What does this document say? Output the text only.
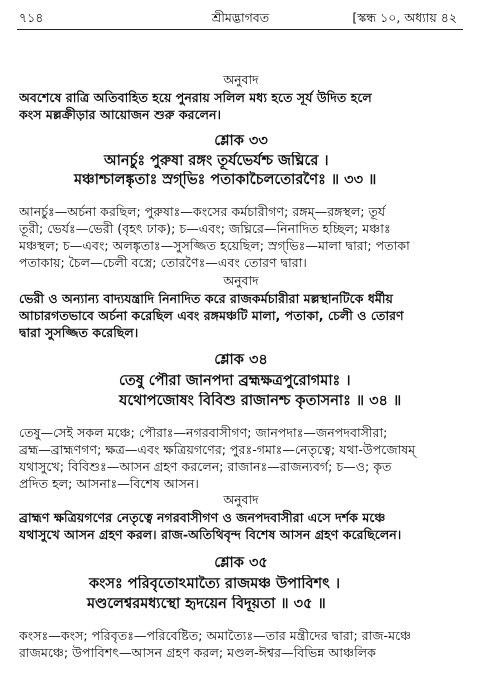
৭১৪	শ্রীমদ্ভাগবত	[স্কন্ধ ১০, অধ্যায় ৪২
অনুবাদ
অবশেষে রাত্রি অতিবাহিত হয়ে পুনরায় সলিল মধ্য হতে সূর্য উদিত হলে
কংস মল্লক্রীড়ার আয়োজন শুরু করলেন।
শ্লোক ৩৩
আনর্চুঃ পুরুষা রঙ্গং তূর্যভের্যশ্চ জঘ্নিরে ।
মঞ্চাশ্চালঙ্কৃতাঃ স্রগ্‌ভিঃ পতাকাচৈলতোরণৈঃ ॥ ৩৩ ॥
আনর্চুঃ—অর্চনা করছিল; পুরুষাঃ—কংসের কর্মচারীগণ; রঙ্গম্‌—রঙ্গস্থল; তূর্য
তূরী; ভের্যঃ—ভেরী (বৃহৎ ঢাক); চ—এবং; জঘ্নিরে—নিনাদিত হচ্ছিল; মঞ্চাঃ
মঞ্চস্থল; চ—এবং; অলঙ্কৃতাঃ—সুসজ্জিত হয়েছিল; স্রগ্‌ভিঃ—মালা দ্বারা; পতাকা
পতাকায়; চৈল—চেলী বস্ত্রে; তোরণৈঃ—এবং তোরণ দ্বারা।
অনুবাদ
ভেরী ও অন্যান্য বাদ্যযন্ত্রাদি নিনাদিত করে রাজকর্মচারীরা মল্লস্থানটিকে ধর্মীয়
আচারগতভাবে অর্চনা করেছিল এবং রঙ্গমঞ্চটি মালা, পতাকা, চেলী ও তোরণ
দ্বারা সুসজ্জিত করেছিল।
শ্লোক ৩৪
তেষু পৌরা জানপদা ব্রহ্মক্ষত্রপুরোগমাঃ ।
যথোপজোষং বিবিশু রাজানশ্চ কৃতাসনাঃ ॥ ৩৪ ॥
তেষু—সেই সকল মঞ্চে; পৌরাঃ—নগরবাসীগণ; জানপদাঃ—জনপদবাসীরা;
ব্রহ্ম—ব্রাহ্মণগণ; ক্ষত্র—এবং ক্ষত্রিয়গণের; পুরঃ-গমাঃ—নেতৃত্বে; যথা-উপজোষম্‌
যথাসুখে; বিবিশুঃ—আসন গ্রহণ করলেন; রাজানঃ—রাজন্যবর্গ; চ—ও; কৃত
প্রদিত হল; আসনাঃ—বিশেষ আসন।
অনুবাদ
ব্রাহ্মণ ক্ষত্রিয়গণের নেতৃত্বে নগরবাসীগণ ও জনপদবাসীরা এসে দর্শক মঞ্চে
যথাসুখে আসন গ্রহণ করল। রাজ-অতিথিবৃন্দ বিশেষ আসন গ্রহণ করেছিলেন।
শ্লোক ৩৫
কংসঃ পরিবৃতোঽমাত্যৈ রাজমঞ্চ উপাবিশৎ ।
মণ্ডলেশ্বরমধ্যস্থো হৃদয়েন বিদূয়তা ॥ ৩৫ ॥
কংসঃ—কংস; পরিবৃতঃ—পরিবেষ্টিত; অমাত্যৈঃ—তার মন্ত্রীদের দ্বারা; রাজ-মঞ্চে
রাজমঞ্চে; উপাবিশৎ—আসন গ্রহণ করল; মণ্ডল-ঈশ্বর—বিভিন্ন আঞ্চলিক
